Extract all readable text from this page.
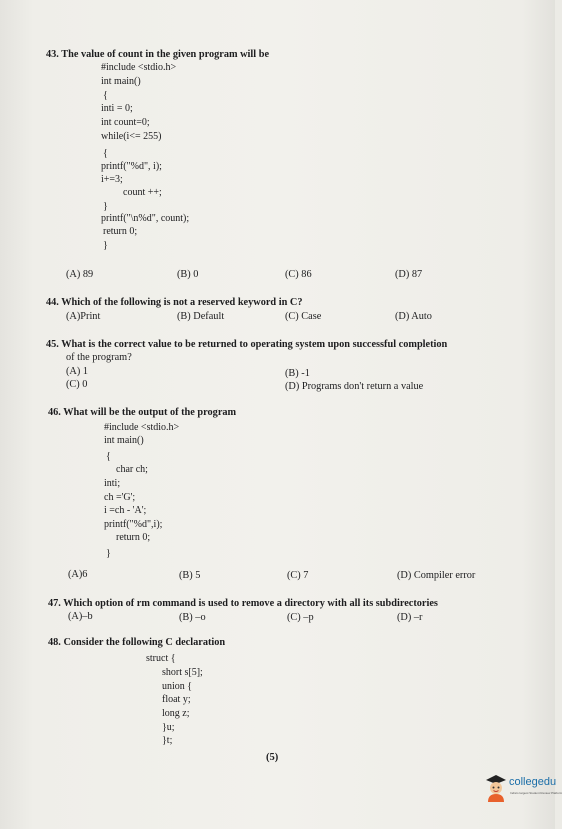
43. The value of count in the given program will be
#include <stdio.h>
int main()
{
inti = 0;
int count=0;
while(i<= 255)
{
printf("%d", i);
i+=3;
count ++;
}
printf("\n%d", count);
return 0;
}
(A) 89	(B) 0	(C) 86	(D) 87
44. Which of the following is not a reserved keyword in C?
(A)Print	(B) Default	(C) Case	(D) Auto
45. What is the correct value to be returned to operating system upon successful completion
of the program?
(A) 1	(B) -1
(C) 0	(D) Programs don't return a value
46. What will be the output of the program
#include <stdio.h>
int main()
{
char ch;
inti;
ch ='G';
i =ch - 'A';
printf("%d",i);
return 0;
}
(A)6	(B) 5	(C) 7	(D) Compiler error
47. Which option of rm command is used to remove a directory with all its subdirectories
(A)–b	(B) –o	(C) –p	(D) –r
48. Consider the following C declaration
struct {
short s[5];
union {
float y;
long z;
}u;
}t;
(5)
collegedu
India's largest Student Review Platform
